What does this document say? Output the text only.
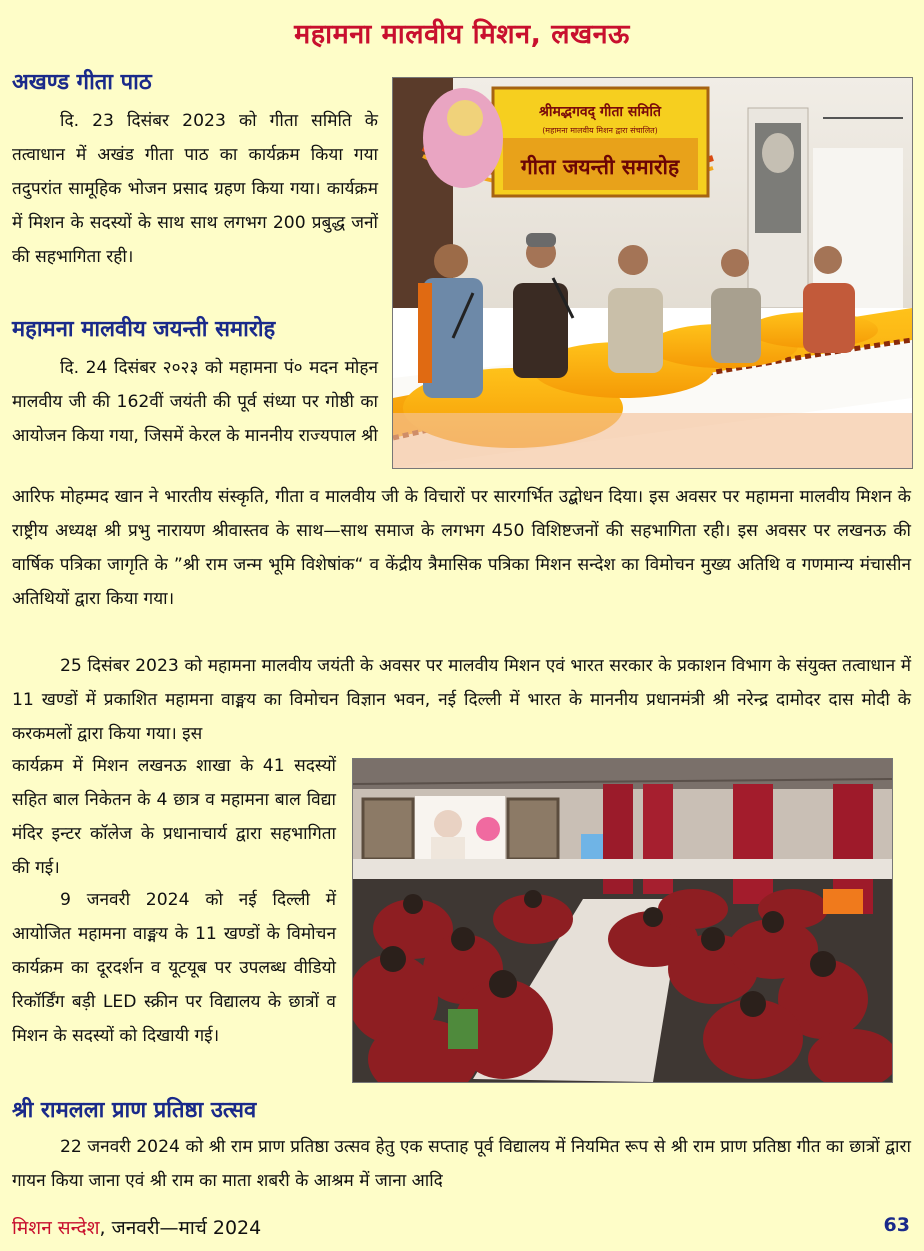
महामना मालवीय मिशन, लखनऊ
अखण्ड गीता पाठ

दि. 23 दिसंबर 2023 को गीता समिति के तत्वाधान में अखंड गीता पाठ का कार्यक्रम किया गया तदुपरांत सामूहिक भोजन प्रसाद ग्रहण किया गया। कार्यक्रम में मिशन के सदस्यों के साथ साथ लगभग 200 प्रबुद्ध जनों की सहभागिता रही।

श्रीमद्भगवद् गीता समिति
(महामना मालवीय मिशन द्वारा संचालित)
गीता जयन्ती समारोह
महामना मालवीय जयन्ती समारोह

दि. 24 दिसंबर २०२३ को महामना पं० मदन मोहन मालवीय जी की 162वीं जयंती की पूर्व संध्या पर गोष्ठी का आयोजन किया गया, जिसमें केरल के माननीय राज्यपाल श्री

आरिफ मोहम्मद खान ने भारतीय संस्कृति, गीता व मालवीय जी के विचारों पर सारगर्भित उद्बोधन दिया। इस अवसर पर महामना मालवीय मिशन के राष्ट्रीय अध्यक्ष श्री प्रभु नारायण श्रीवास्तव के साथ—साथ समाज के लगभग 450 विशिष्टजनों की सहभागिता रही। इस अवसर पर लखनऊ की वार्षिक पत्रिका जागृति के ”श्री राम जन्म भूमि विशेषांक“ व केंद्रीय त्रैमासिक पत्रिका मिशन सन्देश का विमोचन मुख्य अतिथि व गणमान्य मंचासीन अतिथियों द्वारा किया गया।

25 दिसंबर 2023 को महामना मालवीय जयंती के अवसर पर मालवीय मिशन एवं भारत सरकार के प्रकाशन विभाग के संयुक्त तत्वाधान में 11 खण्डों में प्रकाशित महामना वाङ्मय का विमोचन विज्ञान भवन, नई दिल्ली में भारत के माननीय प्रधानमंत्री श्री नरेन्द्र दामोदर दास मोदी के करकमलों द्वारा किया गया। इस

कार्यक्रम में मिशन लखनऊ शाखा के 41 सदस्यों सहित बाल निकेतन के 4 छात्र व महामना बाल विद्या मंदिर इन्टर कॉलेज के प्रधानाचार्य द्वारा सहभागिता की गई।

9 जनवरी 2024 को नई दिल्ली में आयोजित महामना वाङ्मय के 11 खण्डों के विमोचन कार्यक्रम का दूरदर्शन व यूटयूब पर उपलब्ध वीडियो रिकॉर्डिंग बड़ी LED स्क्रीन पर विद्यालय के छात्रों व मिशन के सदस्यों को दिखायी गई।

श्री रामलला प्राण प्रतिष्ठा उत्सव

22 जनवरी 2024 को श्री राम प्राण प्रतिष्ठा उत्सव हेतु एक सप्ताह पूर्व विद्यालय में नियमित रूप से श्री राम प्राण प्रतिष्ठा गीत का छात्रों द्वारा गायन किया जाना एवं श्री राम का माता शबरी के आश्रम में जाना आदि

मिशन सन्देश, जनवरी—मार्च 2024	63
